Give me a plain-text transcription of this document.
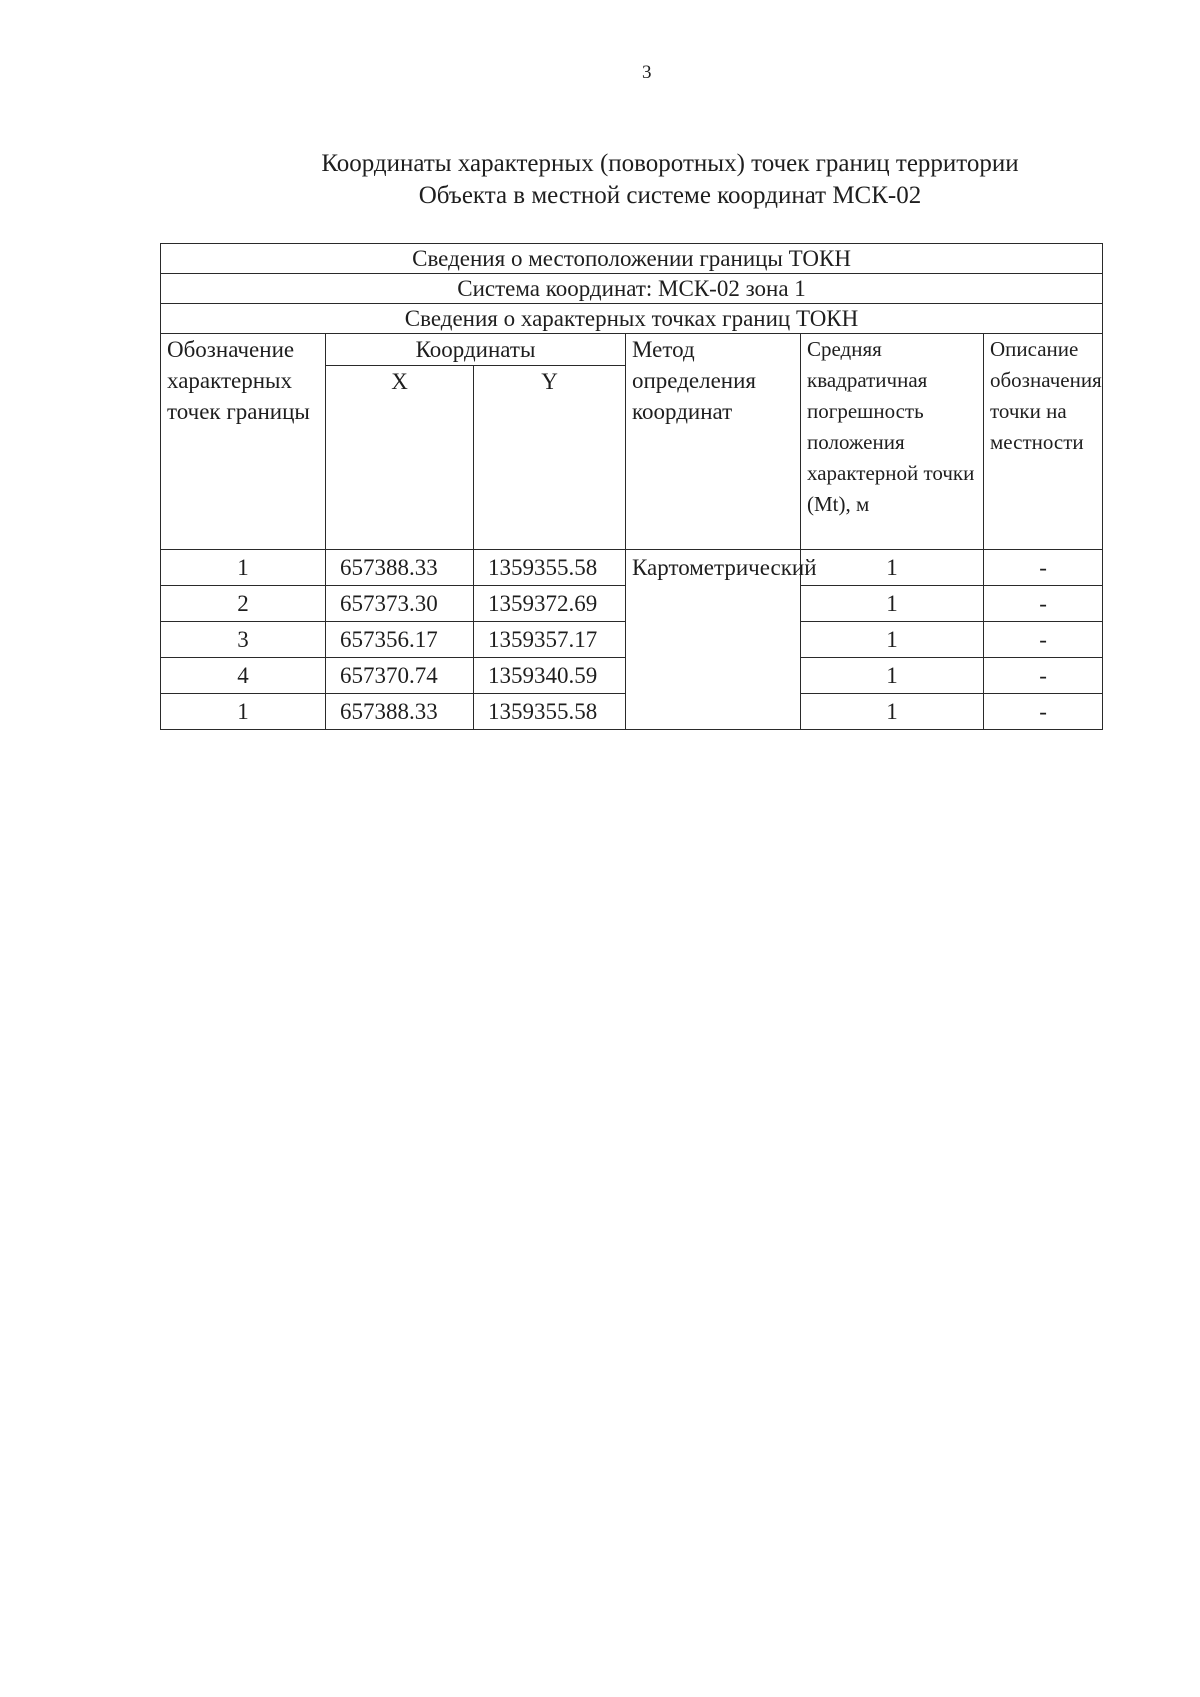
3
Координаты характерных (поворотных) точек границ территории
Объекта в местной системе координат МСК-02
Сведения о местоположении границы ТОКН					
Система координат: МСК-02 зона 1					
Сведения о характерных точках границ ТОКН					
Обозначение характерных точек границы	Координаты		Метод определения координат	Средняя квадратичная погрешность положения характерной точки (Mt), м	Описание обозначения точки на местности
	X	Y			
1	657388.33	1359355.58	Картометрический	1	-
2	657373.30	1359372.69		1	-
3	657356.17	1359357.17		1	-
4	657370.74	1359340.59		1	-
1	657388.33	1359355.58		1	-
